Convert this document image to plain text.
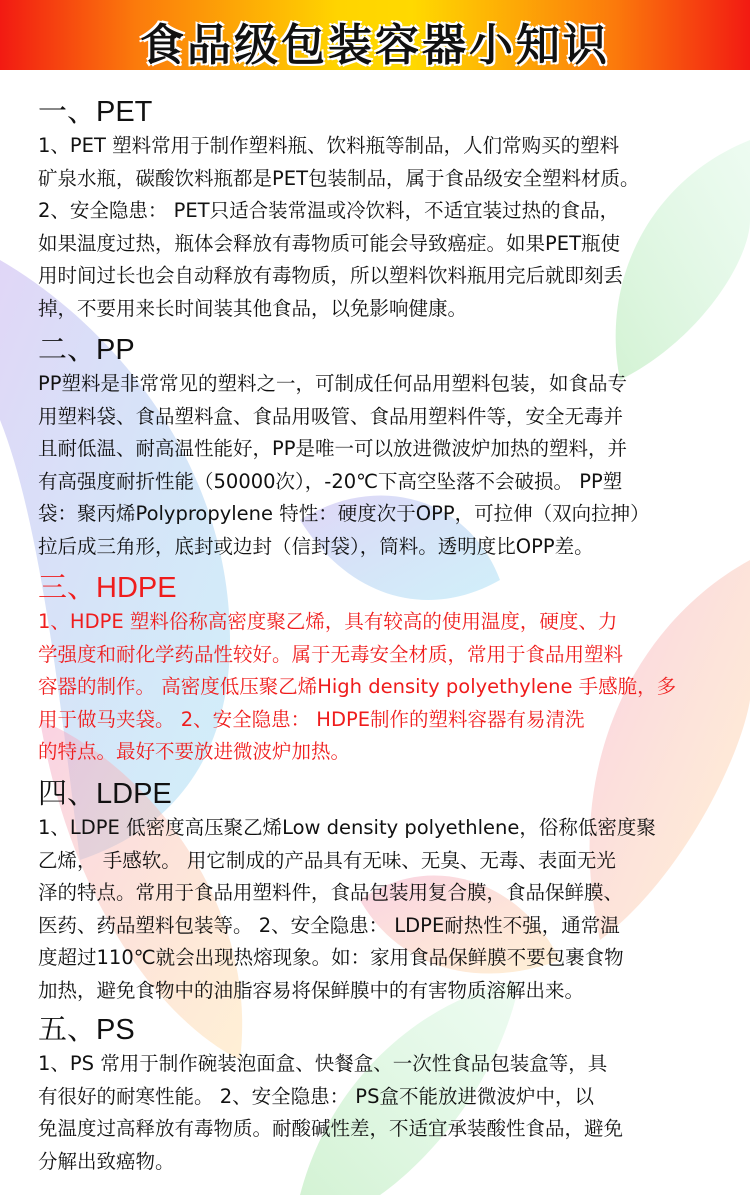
食品级包装容器小知识
一、PET

1、PET 塑料常用于制作塑料瓶、饮料瓶等制品，人们常购买的塑料
矿泉水瓶，碳酸饮料瓶都是PET包装制品，属于食品级安全塑料材质。
2、安全隐患： PET只适合装常温或冷饮料，不适宜装过热的食品，
如果温度过热，瓶体会释放有毒物质可能会导致癌症。如果PET瓶使
用时间过长也会自动释放有毒物质，所以塑料饮料瓶用完后就即刻丢
掉，不要用来长时间装其他食品，以免影响健康。

二、PP

PP塑料是非常常见的塑料之一，可制成任何品用塑料包装，如食品专
用塑料袋、食品塑料盒、食品用吸管、食品用塑料件等，安全无毒并
且耐低温、耐高温性能好，PP是唯一可以放进微波炉加热的塑料，并
有高强度耐折性能（50000次），-20℃下高空坠落不会破损。 PP塑
袋：聚丙烯Polypropylene 特性：硬度次于OPP，可拉伸（双向拉抻）
拉后成三角形，底封或边封（信封袋），筒料。透明度比OPP差。

三、HDPE

1、HDPE 塑料俗称高密度聚乙烯，具有较高的使用温度，硬度、力
学强度和耐化学药品性较好。属于无毒安全材质，常用于食品用塑料
容器的制作。 高密度低压聚乙烯High density polyethylene 手感脆，多
用于做马夹袋。 2、安全隐患： HDPE制作的塑料容器有易清洗
的特点。最好不要放进微波炉加热。

四、LDPE

1、LDPE 低密度高压聚乙烯Low density polyethlene，俗称低密度聚
乙烯， 手感软。 用它制成的产品具有无味、无臭、无毒、表面无光
泽的特点。常用于食品用塑料件，食品包装用复合膜，食品保鲜膜、
医药、药品塑料包装等。 2、安全隐患： LDPE耐热性不强，通常温
度超过110℃就会出现热熔现象。如：家用食品保鲜膜不要包裹食物
加热，避免食物中的油脂容易将保鲜膜中的有害物质溶解出来。

五、PS

1、PS 常用于制作碗装泡面盒、快餐盒、一次性食品包装盒等，具
有很好的耐寒性能。 2、安全隐患： PS盒不能放进微波炉中，以
免温度过高释放有毒物质。耐酸碱性差，不适宜承装酸性食品，避免
分解出致癌物。
